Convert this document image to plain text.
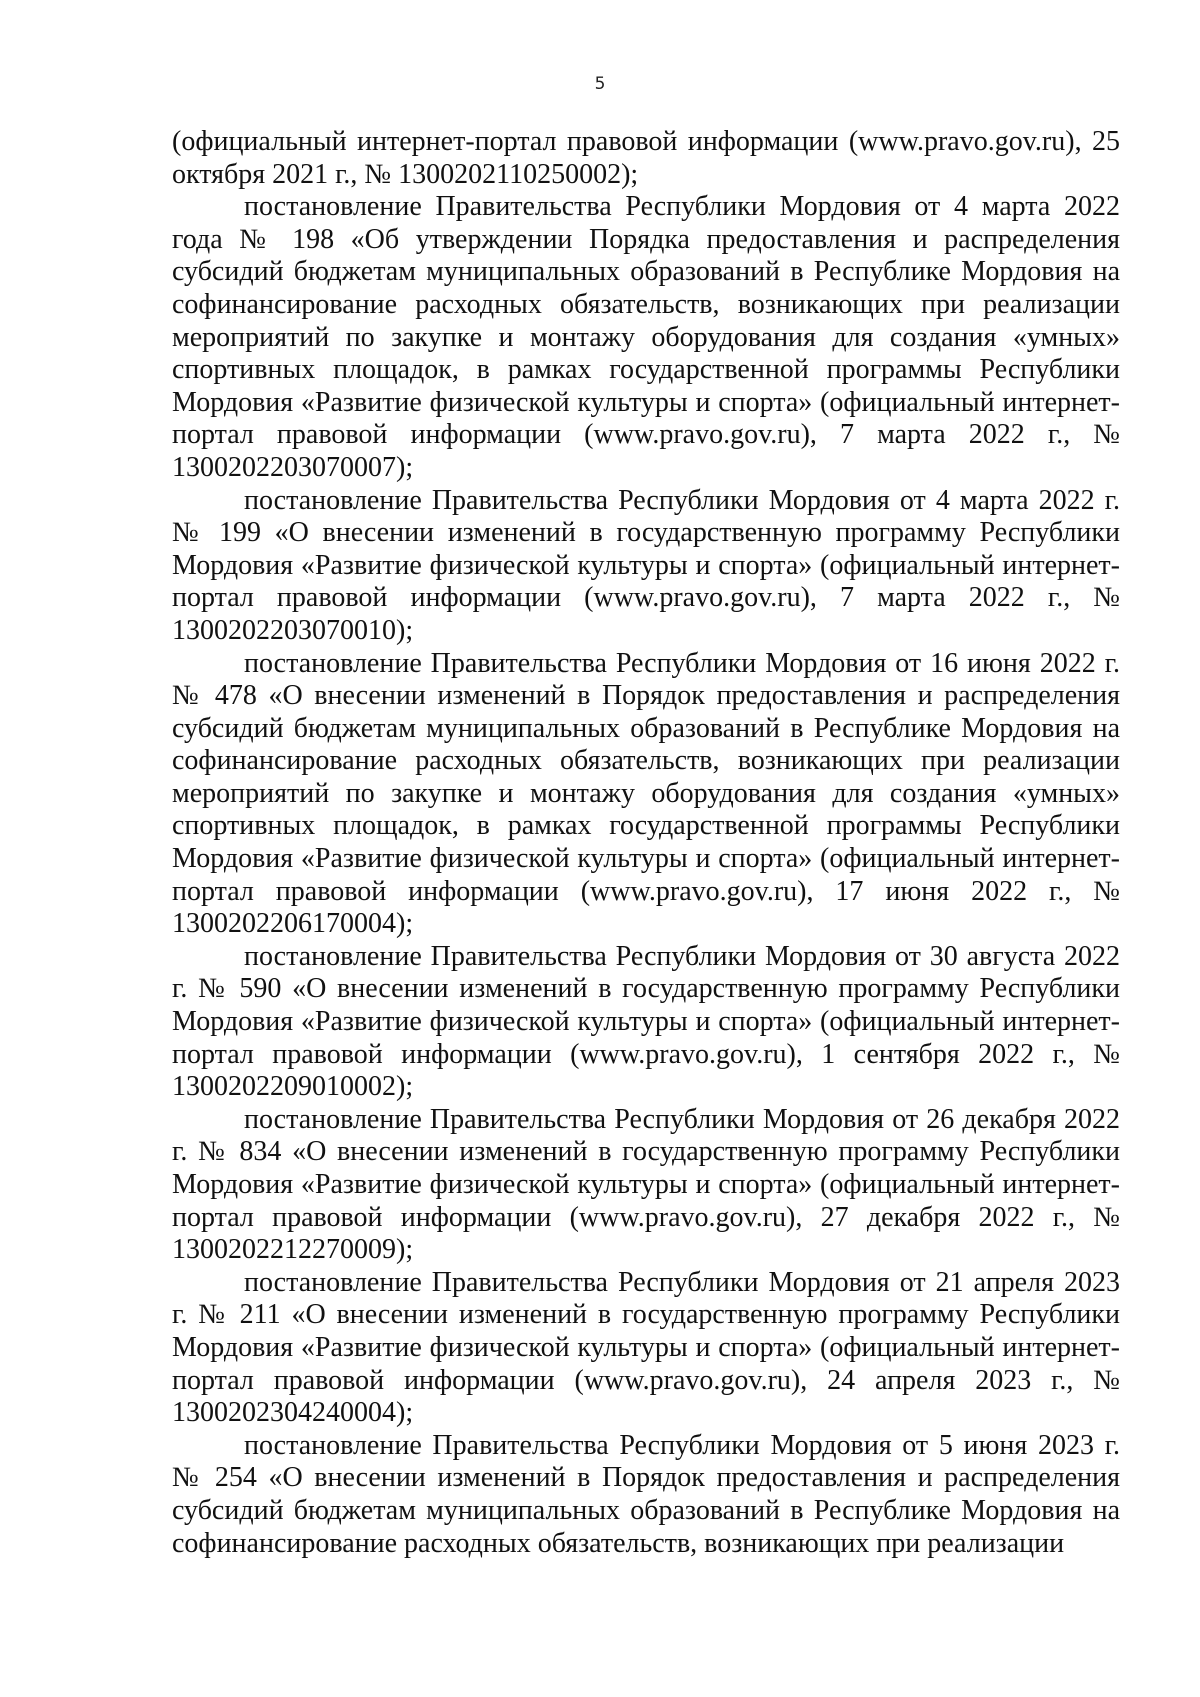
5

(официальный интернет-портал правовой информации (www.pravo.gov.ru), 25 октября 2021 г., № 1300202110250002);

постановление Правительства Республики Мордовия от 4 марта 2022 года № 198 «Об утверждении Порядка предоставления и распределения субсидий бюджетам муниципальных образований в Республике Мордовия на софинансирование расходных обязательств, возникающих при реализации мероприятий по закупке и монтажу оборудования для создания «умных» спортивных площадок, в рамках государственной программы Республики Мордовия «Развитие физической культуры и спорта» (официальный интернет-портал правовой информации (www.pravo.gov.ru), 7 марта 2022 г., № 1300202203070007);

постановление Правительства Республики Мордовия от 4 марта 2022 г. № 199 «О внесении изменений в государственную программу Республики Мордовия «Развитие физической культуры и спорта» (официальный интернет-портал правовой информации (www.pravo.gov.ru), 7 марта 2022 г., № 1300202203070010);

постановление Правительства Республики Мордовия от 16 июня 2022 г. № 478 «О внесении изменений в Порядок предоставления и распределения субсидий бюджетам муниципальных образований в Республике Мордовия на софинансирование расходных обязательств, возникающих при реализации мероприятий по закупке и монтажу оборудования для создания «умных» спортивных площадок, в рамках государственной программы Республики Мордовия «Развитие физической культуры и спорта» (официальный интернет-портал правовой информации (www.pravo.gov.ru), 17 июня 2022 г., № 1300202206170004);

постановление Правительства Республики Мордовия от 30 августа 2022 г. № 590 «О внесении изменений в государственную программу Республики Мордовия «Развитие физической культуры и спорта» (официальный интернет-портал правовой информации (www.pravo.gov.ru), 1 сентября 2022 г., № 1300202209010002);

постановление Правительства Республики Мордовия от 26 декабря 2022 г. № 834 «О внесении изменений в государственную программу Республики Мордовия «Развитие физической культуры и спорта» (официальный интернет-портал правовой информации (www.pravo.gov.ru), 27 декабря 2022 г., № 1300202212270009);

постановление Правительства Республики Мордовия от 21 апреля 2023 г. № 211 «О внесении изменений в государственную программу Республики Мордовия «Развитие физической культуры и спорта» (официальный интернет-портал правовой информации (www.pravo.gov.ru), 24 апреля 2023 г., № 1300202304240004);

постановление Правительства Республики Мордовия от 5 июня 2023 г. № 254 «О внесении изменений в Порядок предоставления и распределения субсидий бюджетам муниципальных образований в Республике Мордовия на софинансирование расходных обязательств, возникающих при реализации
